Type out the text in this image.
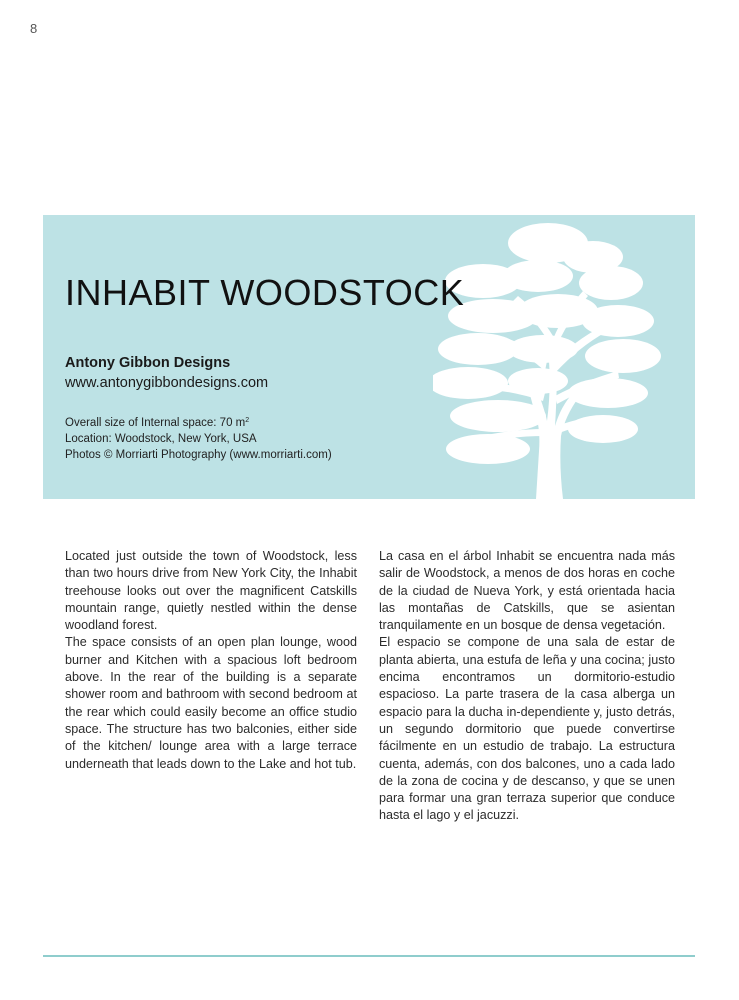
8
INHABIT WOODSTOCK
Antony Gibbon Designs
www.antonygibbondesigns.com
Overall size of Internal space: 70 $m^2$
Location: Woodstock, New York, USA
Photos © Morriarti Photography (www.morriarti.com)

Located just outside the town of Woodstock, less than two hours drive from New York City, the Inhabit treehouse looks out over the magnificent Catskills mountain range, quietly nestled within the dense woodland forest.

The space consists of an open plan lounge, wood burner and Kitchen with a spacious loft bedroom above. In the rear of the building is a separate shower room and bathroom with second bedroom at the rear which could easily become an office studio space. The structure has two balconies, either side of the kitchen/ lounge area with a large terrace underneath that leads down to the Lake and hot tub.

La casa en el árbol Inhabit se encuentra nada más salir de Woodstock, a menos de dos horas en coche de la ciudad de Nueva York, y está orientada hacia las montañas de Catskills, que se asientan tranquilamente en un bosque de densa vegetación.

El espacio se compone de una sala de estar de planta abierta, una estufa de leña y una cocina; justo encima encontramos un dormitorio-estudio espacioso. La parte trasera de la casa alberga un espacio para la ducha in-dependiente y, justo detrás, un segundo dormitorio que puede convertirse fácilmente en un estudio de trabajo. La estructura cuenta, además, con dos balcones, uno a cada lado de la zona de cocina y de descanso, y que se unen para formar una gran terraza superior que conduce hasta el lago y el jacuzzi.
